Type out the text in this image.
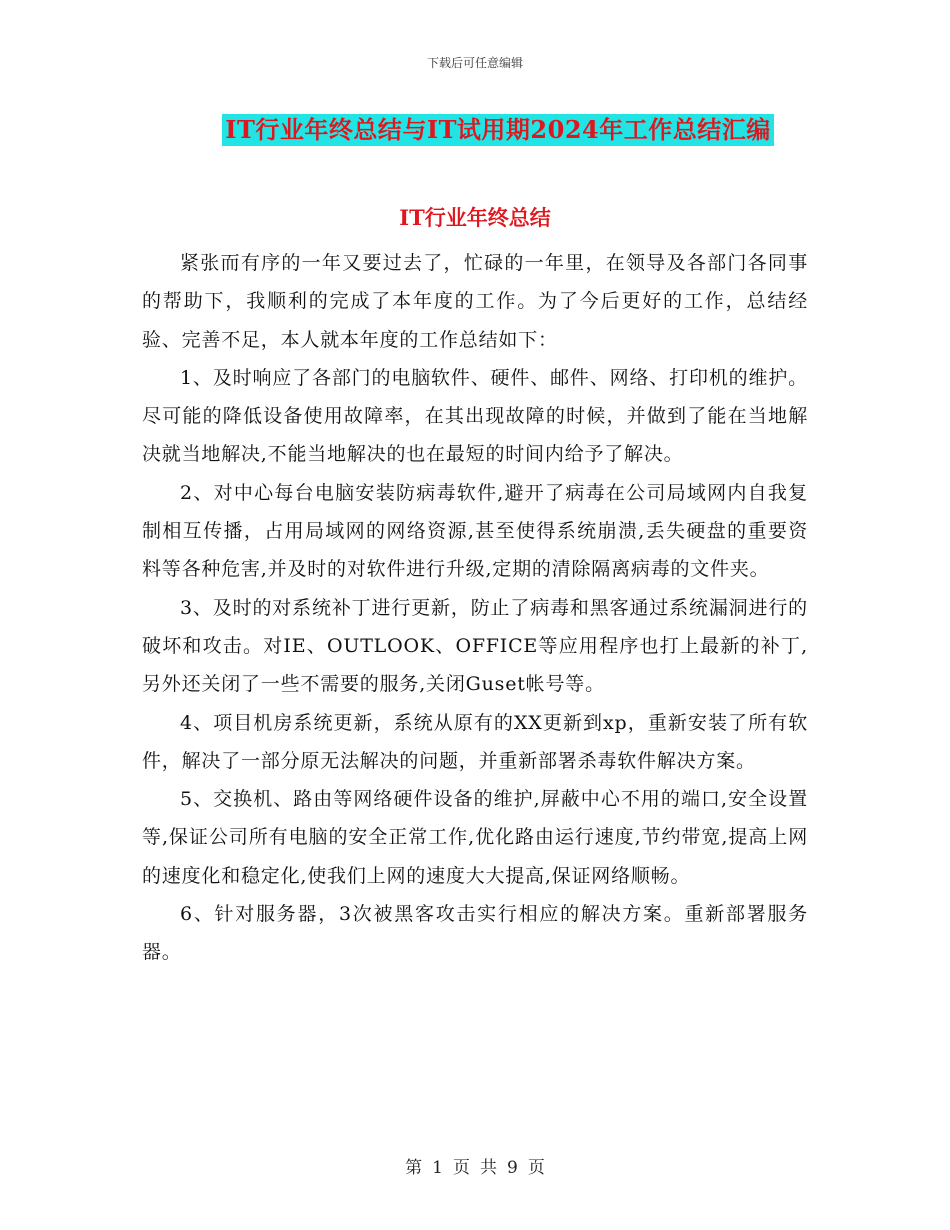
下载后可任意编辑
IT行业年终总结与IT试用期2024年工作总结汇编
IT行业年终总结

紧张而有序的一年又要过去了，忙碌的一年里，在领导及各部门各同事的帮助下，我顺利的完成了本年度的工作。为了今后更好的工作，总结经验、完善不足，本人就本年度的工作总结如下：

1、及时响应了各部门的电脑软件、硬件、邮件、网络、打印机的维护。尽可能的降低设备使用故障率，在其出现故障的时候，并做到了能在当地解决就当地解决,不能当地解决的也在最短的时间内给予了解决。

2、对中心每台电脑安装防病毒软件,避开了病毒在公司局域网内自我复制相互传播，占用局域网的网络资源,甚至使得系统崩溃,丢失硬盘的重要资料等各种危害,并及时的对软件进行升级,定期的清除隔离病毒的文件夹。

3、及时的对系统补丁进行更新，防止了病毒和黑客通过系统漏洞进行的破坏和攻击。对IE、OUTLOOK、OFFICE等应用程序也打上最新的补丁,另外还关闭了一些不需要的服务,关闭Guset帐号等。

4、项目机房系统更新，系统从原有的XX更新到xp，重新安装了所有软件，解决了一部分原无法解决的问题，并重新部署杀毒软件解决方案。

5、交换机、路由等网络硬件设备的维护,屏蔽中心不用的端口,安全设置等,保证公司所有电脑的安全正常工作,优化路由运行速度,节约带宽,提高上网的速度化和稳定化,使我们上网的速度大大提高,保证网络顺畅。

6、针对服务器，3次被黑客攻击实行相应的解决方案。重新部署服务器。

第 1 页 共 9 页
